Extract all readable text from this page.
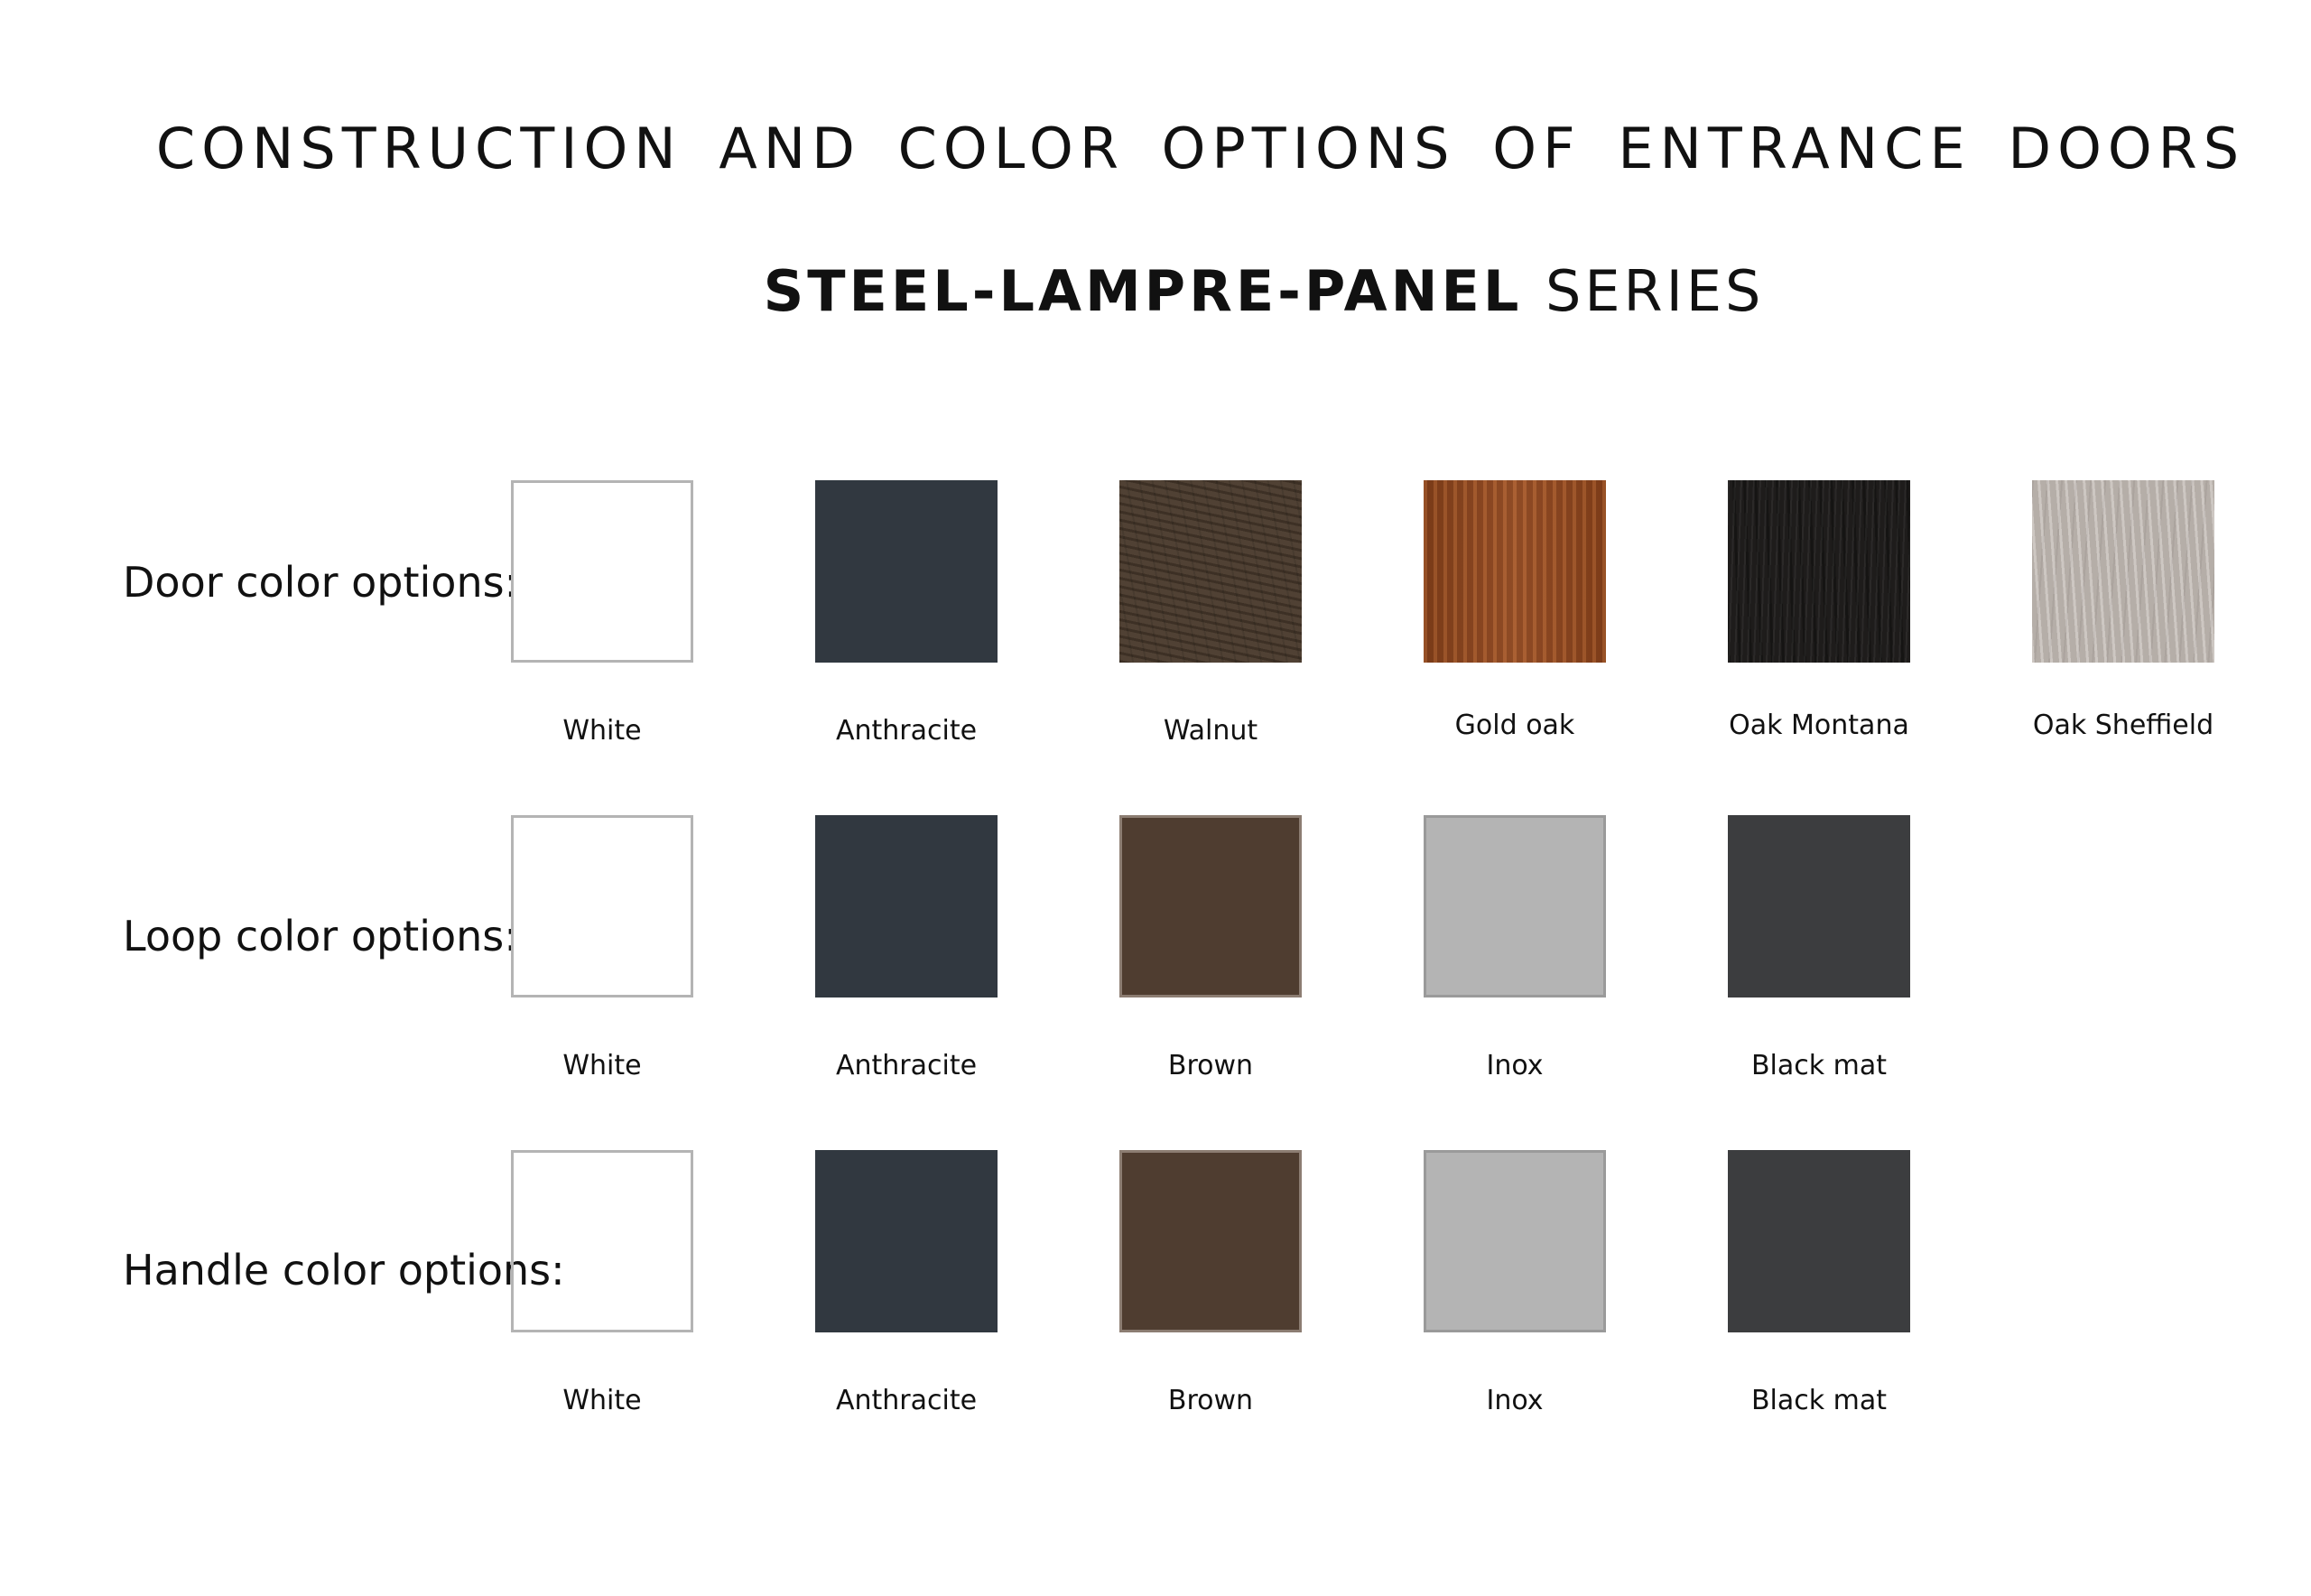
CONSTRUCTION AND COLOR OPTIONS OF ENTRANCE DOORS
STEEL-LAMPRE-PANEL SERIES
Door color options:
White	Anthracite	Walnut	Gold oak	Oak Montana	Oak Sheffield
Loop color options:
White	Anthracite	Brown	Inox	Black mat
Handle color options:
White	Anthracite	Brown	Inox	Black mat
